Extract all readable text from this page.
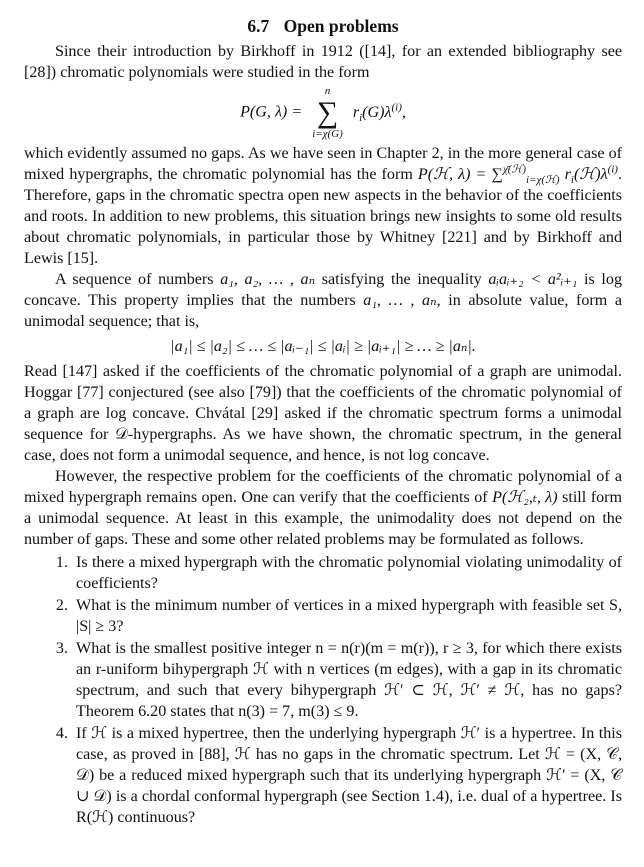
6.7 Open problems

Since their introduction by Birkhoff in 1912 ([14], for an extended bibliography see [28]) chromatic polynomials were studied in the form

P(G, λ) =
n
∑
i=χ(G)
$r_i(G)\lambda^{(i)}$,

which evidently assumed no gaps. As we have seen in Chapter 2, in the more general case of mixed hypergraphs, the chromatic polynomial has the form P(ℋ, λ) = ∑$^{\chī(ℋ)}_{i=\chi(ℋ)}$ $r_i(ℋ)\lambda^{(i)}$. Therefore, gaps in the chromatic spectra open new aspects in the behavior of the coefficients and roots. In addition to new problems, this situation brings new insights to some old results about chromatic polynomials, in particular those by Whitney [221] and by Birkhoff and Lewis [15].

A sequence of numbers a₁, a₂, … , aₙ satisfying the inequality aᵢaᵢ₊₂ < a²ᵢ₊₁ is log concave. This property implies that the numbers a₁, … , aₙ, in absolute value, form a unimodal sequence; that is,

|a₁| ≤ |a₂| ≤ … ≤ |aᵢ₋₁| ≤ |aᵢ| ≥ |aᵢ₊₁| ≥ … ≥ |aₙ|.

Read [147] asked if the coefficients of the chromatic polynomial of a graph are unimodal. Hoggar [77] conjectured (see also [79]) that the coefficients of the chromatic polynomial of a graph are log concave. Chvátal [29] asked if the chromatic spectrum forms a unimodal sequence for 𝒟-hypergraphs. As we have shown, the chromatic spectrum, in the general case, does not form a unimodal sequence, and hence, is not log concave.

However, the respective problem for the coefficients of the chromatic polynomial of a mixed hypergraph remains open. One can verify that the coefficients of P(ℋ₂,ₜ, λ) still form a unimodal sequence. At least in this example, the unimodality does not depend on the number of gaps. These and some other related problems may be formulated as follows.

1. Is there a mixed hypergraph with the chromatic polynomial violating unimodality of coefficients?
2. What is the minimum number of vertices in a mixed hypergraph with feasible set S, |S| ≥ 3?
3. What is the smallest positive integer n = n(r)(m = m(r)), r ≥ 3, for which there exists an r-uniform bihypergraph ℋ with n vertices (m edges), with a gap in its chromatic spectrum, and such that every bihypergraph ℋ′ ⊂ ℋ, ℋ′ ≠ ℋ, has no gaps? Theorem 6.20 states that n(3) = 7, m(3) ≤ 9.
4. If ℋ is a mixed hypertree, then the underlying hypergraph ℋ′ is a hypertree. In this case, as proved in [88], ℋ has no gaps in the chromatic spectrum. Let ℋ = (X, 𝒞, 𝒟) be a reduced mixed hypergraph such that its underlying hypergraph ℋ′ = (X, 𝒞 ∪ 𝒟) is a chordal conformal hypergraph (see Section 1.4), i.e. dual of a hypertree. Is R(ℋ) continuous?
